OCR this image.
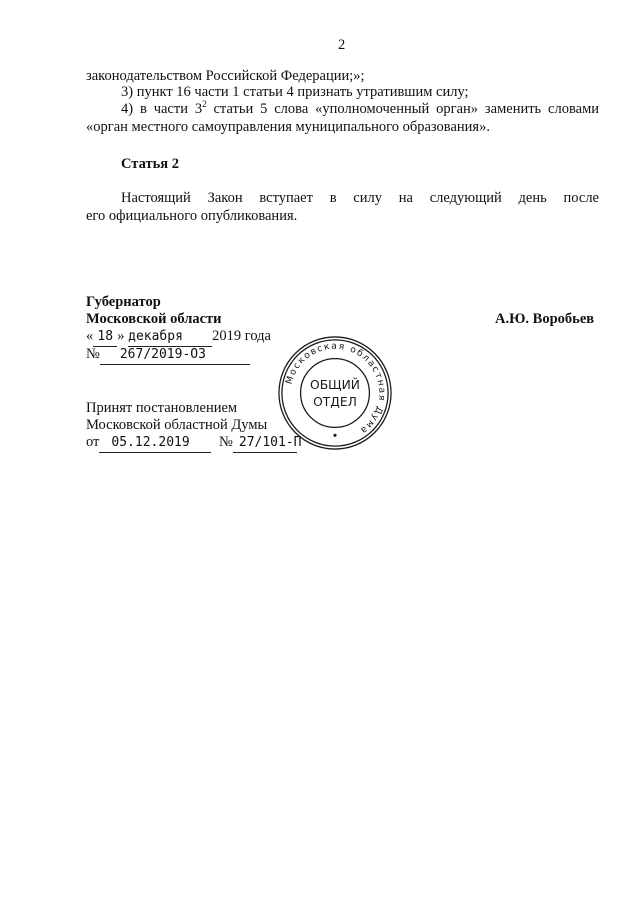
2
законодательством Российской Федерации;»;
3) пункт 16 части 1 статьи 4 признать утратившим силу;
4) в части $3^2$ статьи 5 слова «уполномоченный орган» заменить словами
«орган местного самоуправления муниципального образования».
Статья 2
Настоящий Закон вступает в силу на следующий день после
его официального опубликования.
Губернатор
Московской области	А.Ю. Воробьев
« 18 » декабря 2019 года
№ 267/2019-ОЗ
Принят постановлением
Московской областной Думы
от 05.12.2019 № 27/101-П
Московская областная Дума
ОБЩИЙ
ОТДЕЛ
